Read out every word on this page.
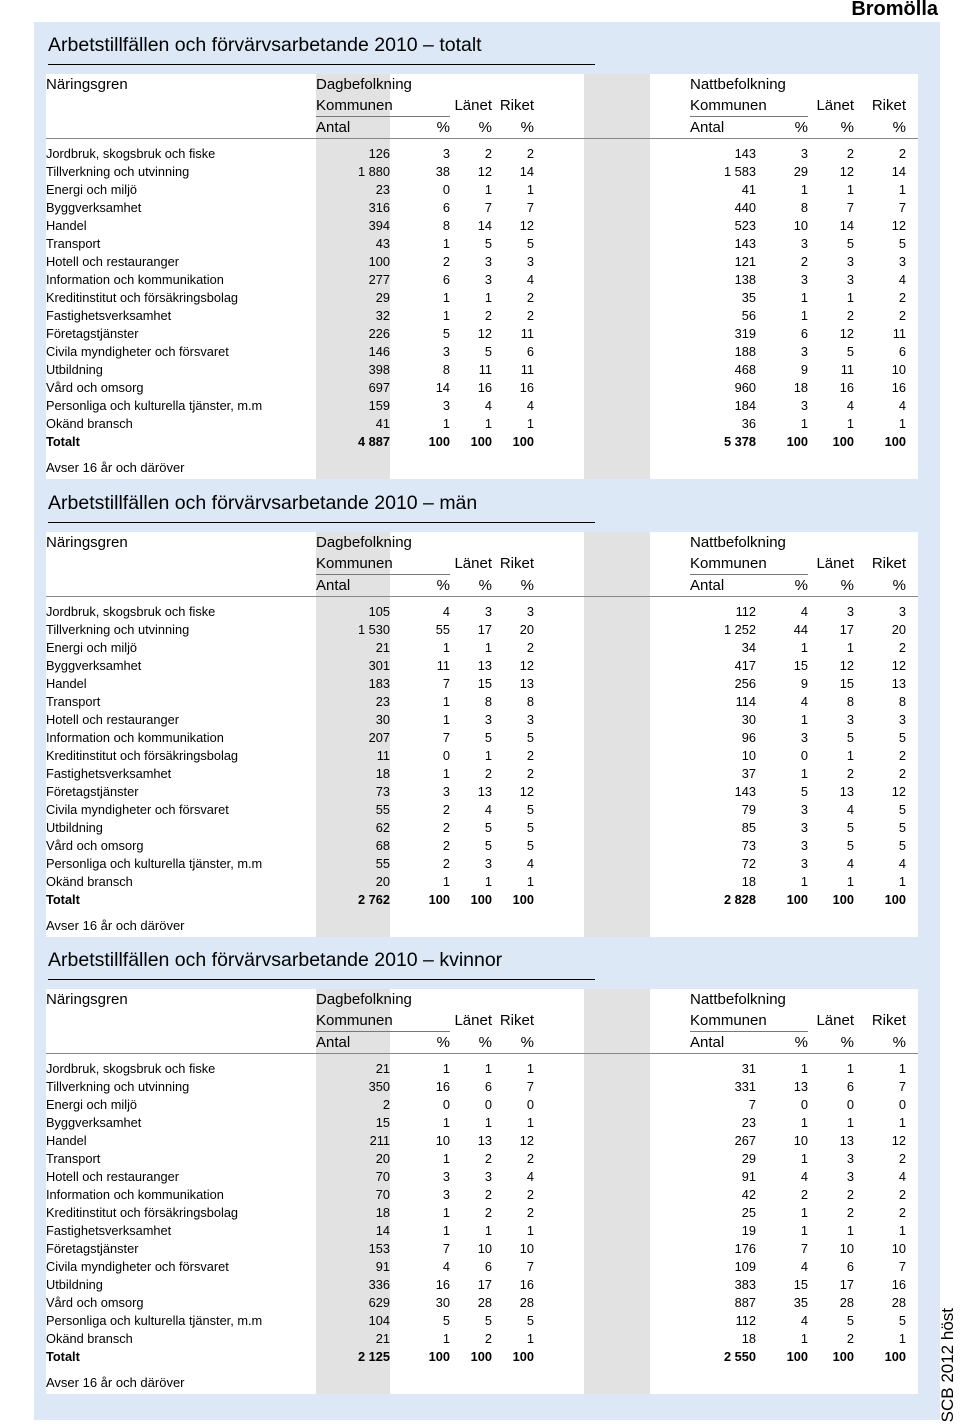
Bromölla
Arbetstillfällen och förvärvsarbetande 2010 – totalt
Näringsgren	Dagbefolkning	Nattbefolkning
Kommunen	Länet Riket	Kommunen	Länet	Riket
Antal	%	%	%	Antal	%	%	%
Jordbruk, skogsbruk och fiske	126	3	2	2	143	3	2	2
Tillverkning och utvinning	1 880	38	12	14	1 583	29	12	14
Energi och miljö	23	0	1	1	41	1	1	1
Byggverksamhet	316	6	7	7	440	8	7	7
Handel	394	8	14	12	523	10	14	12
Transport	43	1	5	5	143	3	5	5
Hotell och restauranger	100	2	3	3	121	2	3	3
Information och kommunikation	277	6	3	4	138	3	3	4
Kreditinstitut och försäkringsbolag	29	1	1	2	35	1	1	2
Fastighetsverksamhet	32	1	2	2	56	1	2	2
Företagstjänster	226	5	12	11	319	6	12	11
Civila myndigheter och försvaret	146	3	5	6	188	3	5	6
Utbildning	398	8	11	11	468	9	11	10
Vård och omsorg	697	14	16	16	960	18	16	16
Personliga och kulturella tjänster, m.m	159	3	4	4	184	3	4	4
Okänd bransch	41	1	1	1	36	1	1	1
Totalt	4 887	100	100	100	5 378	100	100	100
Avser 16 år och däröver
Arbetstillfällen och förvärvsarbetande 2010 – män
Näringsgren	Dagbefolkning	Nattbefolkning
Kommunen	Länet Riket	Kommunen	Länet	Riket
Antal	%	%	%	Antal	%	%	%
Jordbruk, skogsbruk och fiske	105	4	3	3	112	4	3	3
Tillverkning och utvinning	1 530	55	17	20	1 252	44	17	20
Energi och miljö	21	1	1	2	34	1	1	2
Byggverksamhet	301	11	13	12	417	15	12	12
Handel	183	7	15	13	256	9	15	13
Transport	23	1	8	8	114	4	8	8
Hotell och restauranger	30	1	3	3	30	1	3	3
Information och kommunikation	207	7	5	5	96	3	5	5
Kreditinstitut och försäkringsbolag	11	0	1	2	10	0	1	2
Fastighetsverksamhet	18	1	2	2	37	1	2	2
Företagstjänster	73	3	13	12	143	5	13	12
Civila myndigheter och försvaret	55	2	4	5	79	3	4	5
Utbildning	62	2	5	5	85	3	5	5
Vård och omsorg	68	2	5	5	73	3	5	5
Personliga och kulturella tjänster, m.m	55	2	3	4	72	3	4	4
Okänd bransch	20	1	1	1	18	1	1	1
Totalt	2 762	100	100	100	2 828	100	100	100
Avser 16 år och däröver
Arbetstillfällen och förvärvsarbetande 2010 – kvinnor
Näringsgren	Dagbefolkning	Nattbefolkning
Kommunen	Länet Riket	Kommunen	Länet	Riket
Antal	%	%	%	Antal	%	%	%
Jordbruk, skogsbruk och fiske	21	1	1	1	31	1	1	1
Tillverkning och utvinning	350	16	6	7	331	13	6	7
Energi och miljö	2	0	0	0	7	0	0	0
Byggverksamhet	15	1	1	1	23	1	1	1
Handel	211	10	13	12	267	10	13	12
Transport	20	1	2	2	29	1	3	2
Hotell och restauranger	70	3	3	4	91	4	3	4
Information och kommunikation	70	3	2	2	42	2	2	2
Kreditinstitut och försäkringsbolag	18	1	2	2	25	1	2	2
Fastighetsverksamhet	14	1	1	1	19	1	1	1
Företagstjänster	153	7	10	10	176	7	10	10
Civila myndigheter och försvaret	91	4	6	7	109	4	6	7
Utbildning	336	16	17	16	383	15	17	16
Vård och omsorg	629	30	28	28	887	35	28	28
Personliga och kulturella tjänster, m.m	104	5	5	5	112	4	5	5
Okänd bransch	21	1	2	1	18	1	2	1
Totalt	2 125	100	100	100	2 550	100	100	100
Avser 16 år och däröver	SCB 2012 höst
